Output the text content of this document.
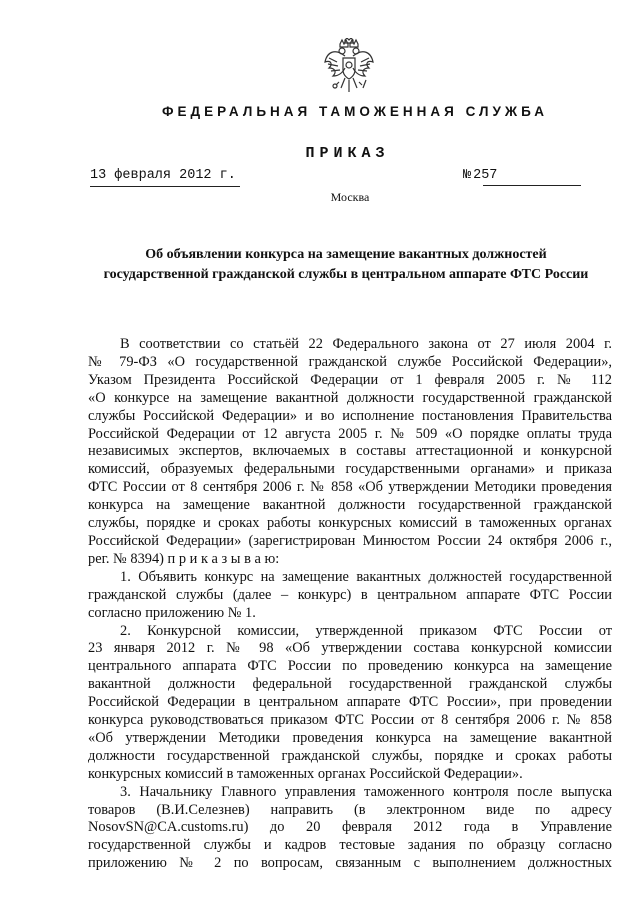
ФЕДЕРАЛЬНАЯ ТАМОЖЕННАЯ СЛУЖБА
ПРИКАЗ
13 февраля 2012 г.	№ 257
Москва
Об объявлении конкурса на замещение вакантных должностей
государственной гражданской службы в центральном аппарате ФТС России
В соответствии со статьёй 22 Федерального закона от 27 июля 2004 г.
№ 79-ФЗ «О государственной гражданской службе Российской Федерации»,
Указом Президента Российской Федерации от 1 февраля 2005 г. № 112
«О конкурсе на замещение вакантной должности государственной гражданской
службы Российской Федерации» и во исполнение постановления Правительства
Российской Федерации от 12 августа 2005 г. № 509 «О порядке оплаты труда
независимых экспертов, включаемых в составы аттестационной и конкурсной
комиссий, образуемых федеральными государственными органами» и приказа
ФТС России от 8 сентября 2006 г. № 858 «Об утверждении Методики проведения
конкурса на замещение вакантной должности государственной гражданской
службы, порядке и сроках работы конкурсных комиссий в таможенных органах
Российской Федерации» (зарегистрирован Минюстом России 24 октября 2006 г.,
рег. № 8394) п р и к а з ы в а ю:
1. Объявить конкурс на замещение вакантных должностей государственной
гражданской службы (далее – конкурс) в центральном аппарате ФТС России
согласно приложению № 1.
2. Конкурсной комиссии, утвержденной приказом ФТС России от
23 января 2012 г. № 98 «Об утверждении состава конкурсной комиссии
центрального аппарата ФТС России по проведению конкурса на замещение
вакантной должности федеральной государственной гражданской службы
Российской Федерации в центральном аппарате ФТС России», при проведении
конкурса руководствоваться приказом ФТС России от 8 сентября 2006 г. № 858
«Об утверждении Методики проведения конкурса на замещение вакантной
должности государственной гражданской службы, порядке и сроках работы
конкурсных комиссий в таможенных органах Российской Федерации».
3. Начальнику Главного управления таможенного контроля после выпуска
товаров (В.И.Селезнев) направить (в электронном виде по адресу
NosovSN@CA.customs.ru) до 20 февраля 2012 года в Управление
государственной службы и кадров тестовые задания по образцу согласно
приложению № 2 по вопросам, связанным с выполнением должностных
